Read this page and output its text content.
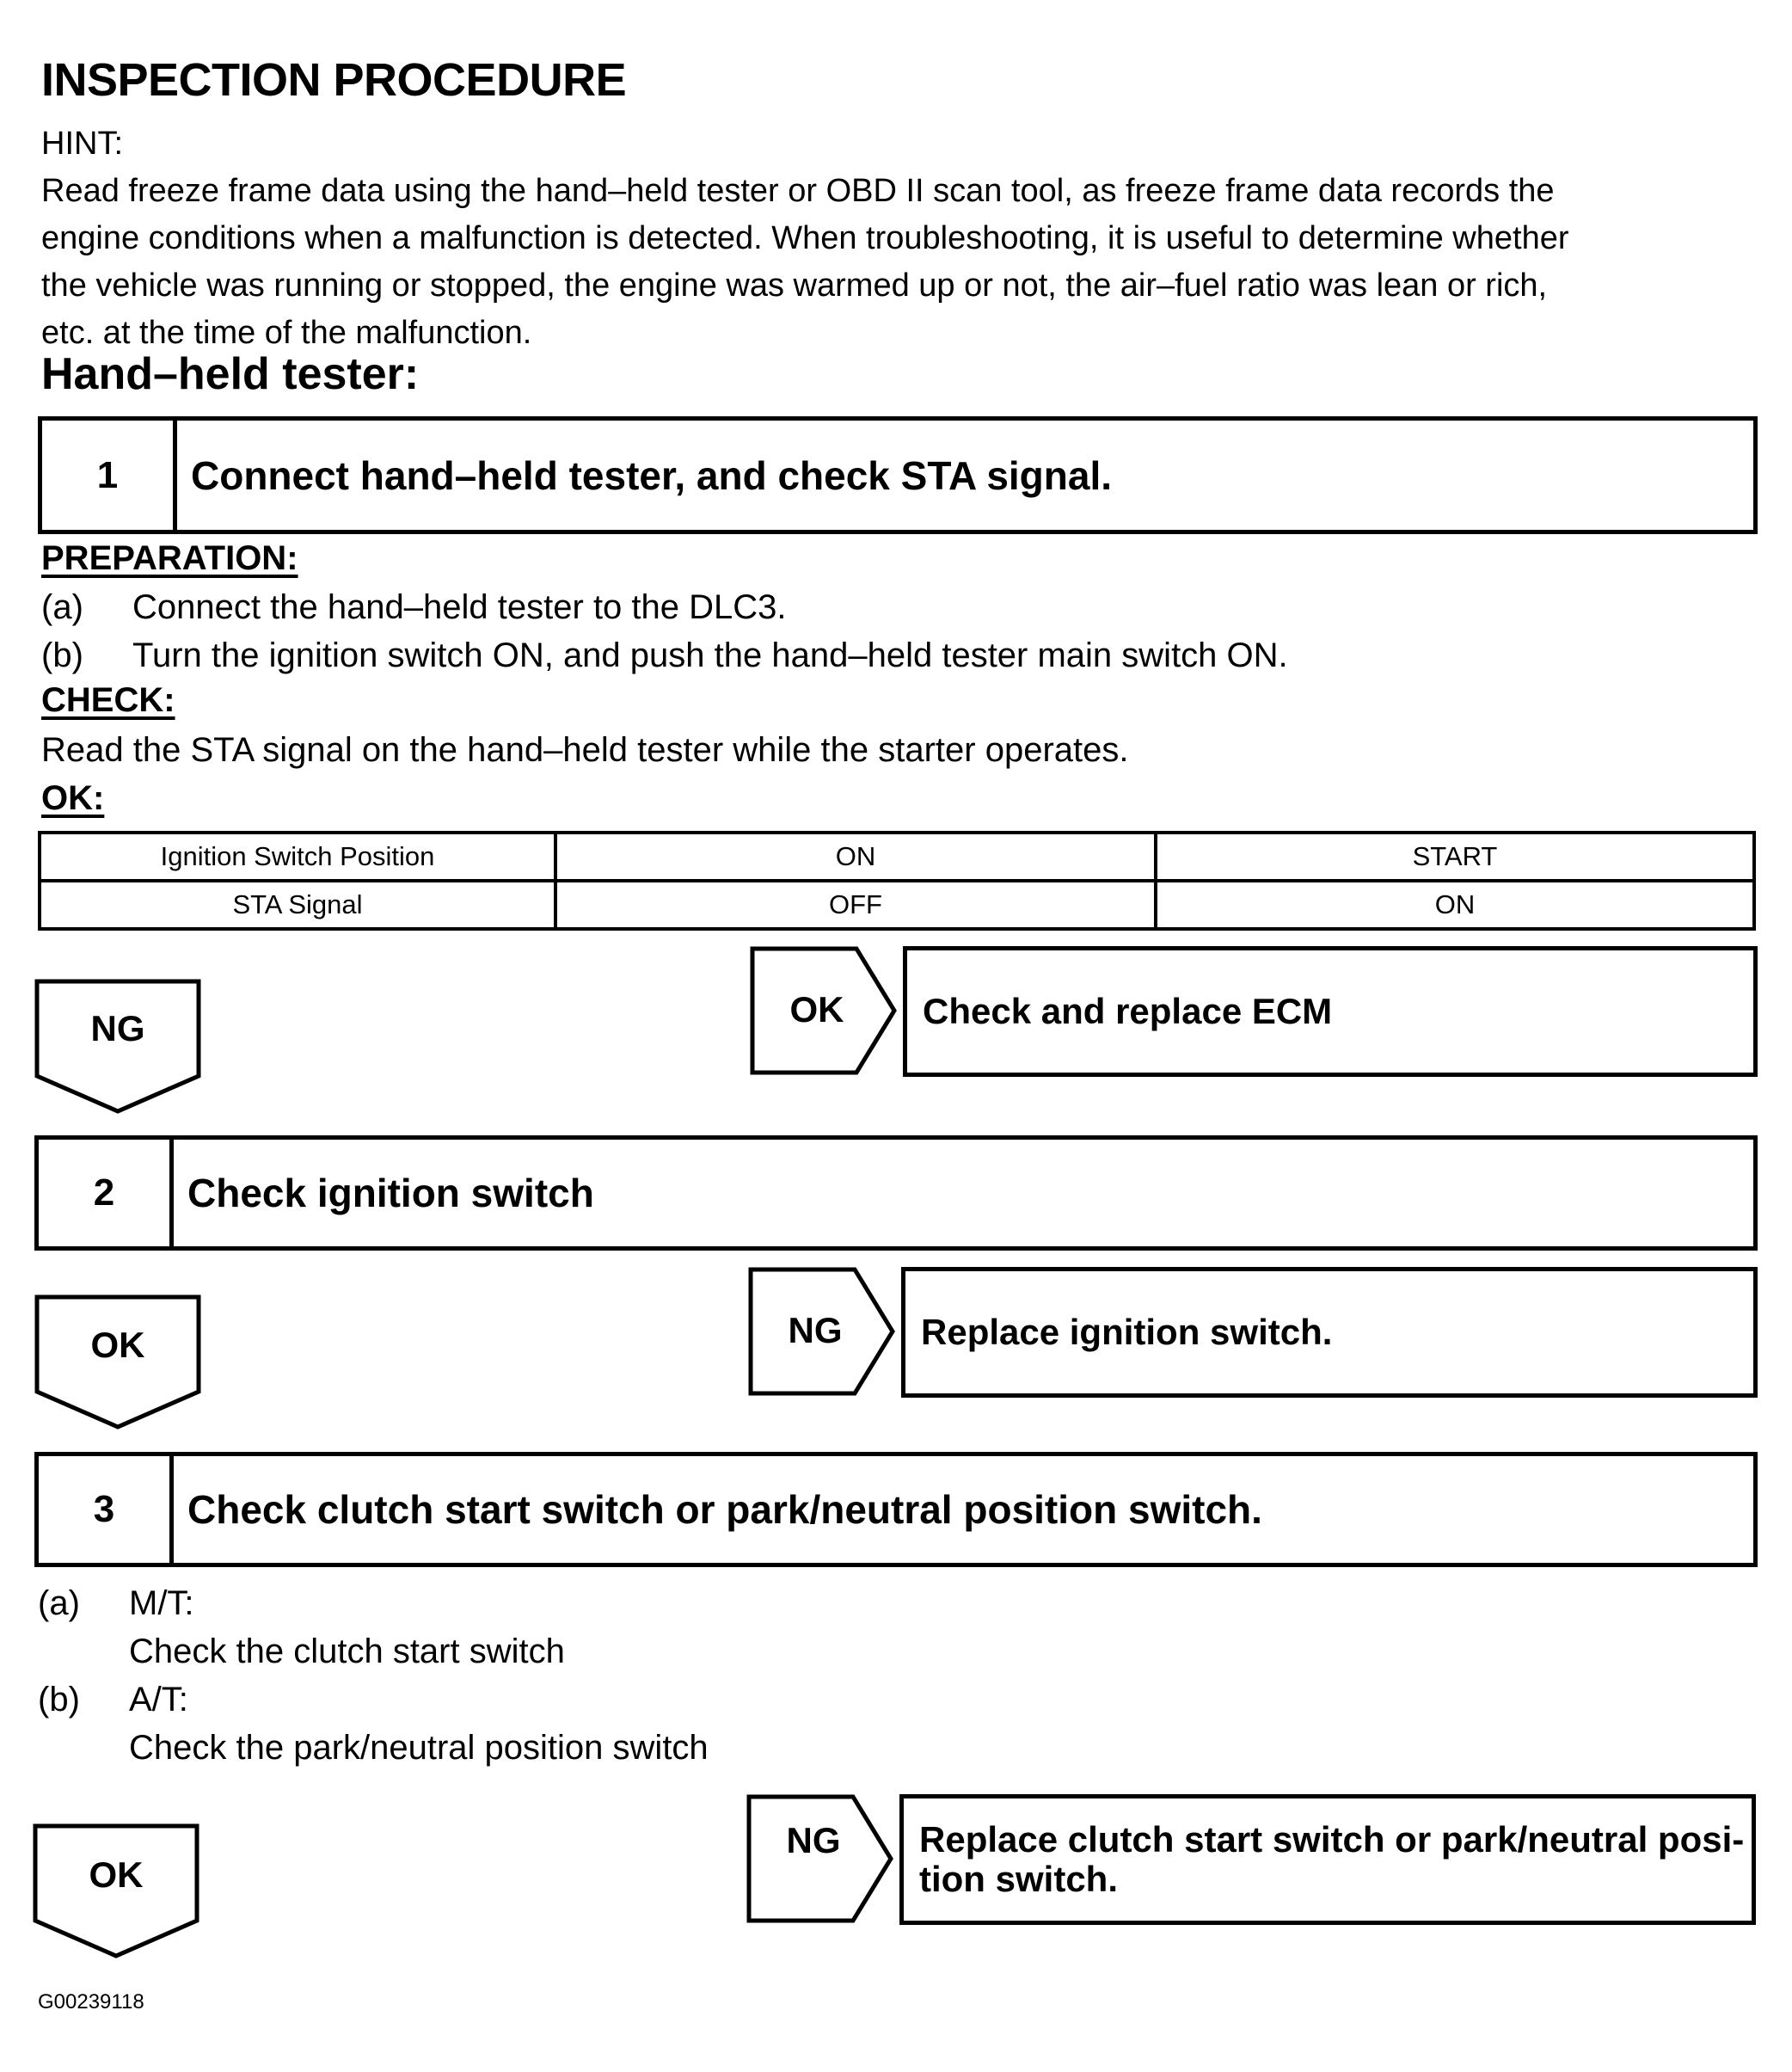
INSPECTION PROCEDURE
HINT:
Read freeze frame data using the hand–held tester or OBD II scan tool, as freeze frame data records the
engine conditions when a malfunction is detected. When troubleshooting, it is useful to determine whether
the vehicle was running or stopped, the engine was warmed up or not, the air–fuel ratio was lean or rich,
etc. at the time of the malfunction.
Hand–held tester:
1	Connect hand–held tester, and check STA signal.
PREPARATION:
(a) Connect the hand–held tester to the DLC3.
(b) Turn the ignition switch ON, and push the hand–held tester main switch ON.
CHECK:
Read the STA signal on the hand–held tester while the starter operates.
OK:
Ignition Switch Position	ON	START
STA Signal	OFF	ON
NG	OK	Check and replace ECM
2	Check ignition switch
OK	NG	Replace ignition switch.
3	Check clutch start switch or park/neutral position switch.
(a) M/T:
Check the clutch start switch
(b) A/T:
Check the park/neutral position switch
OK
NG	Replace clutch start switch or park/neutral posi-
tion switch.
G00239118
